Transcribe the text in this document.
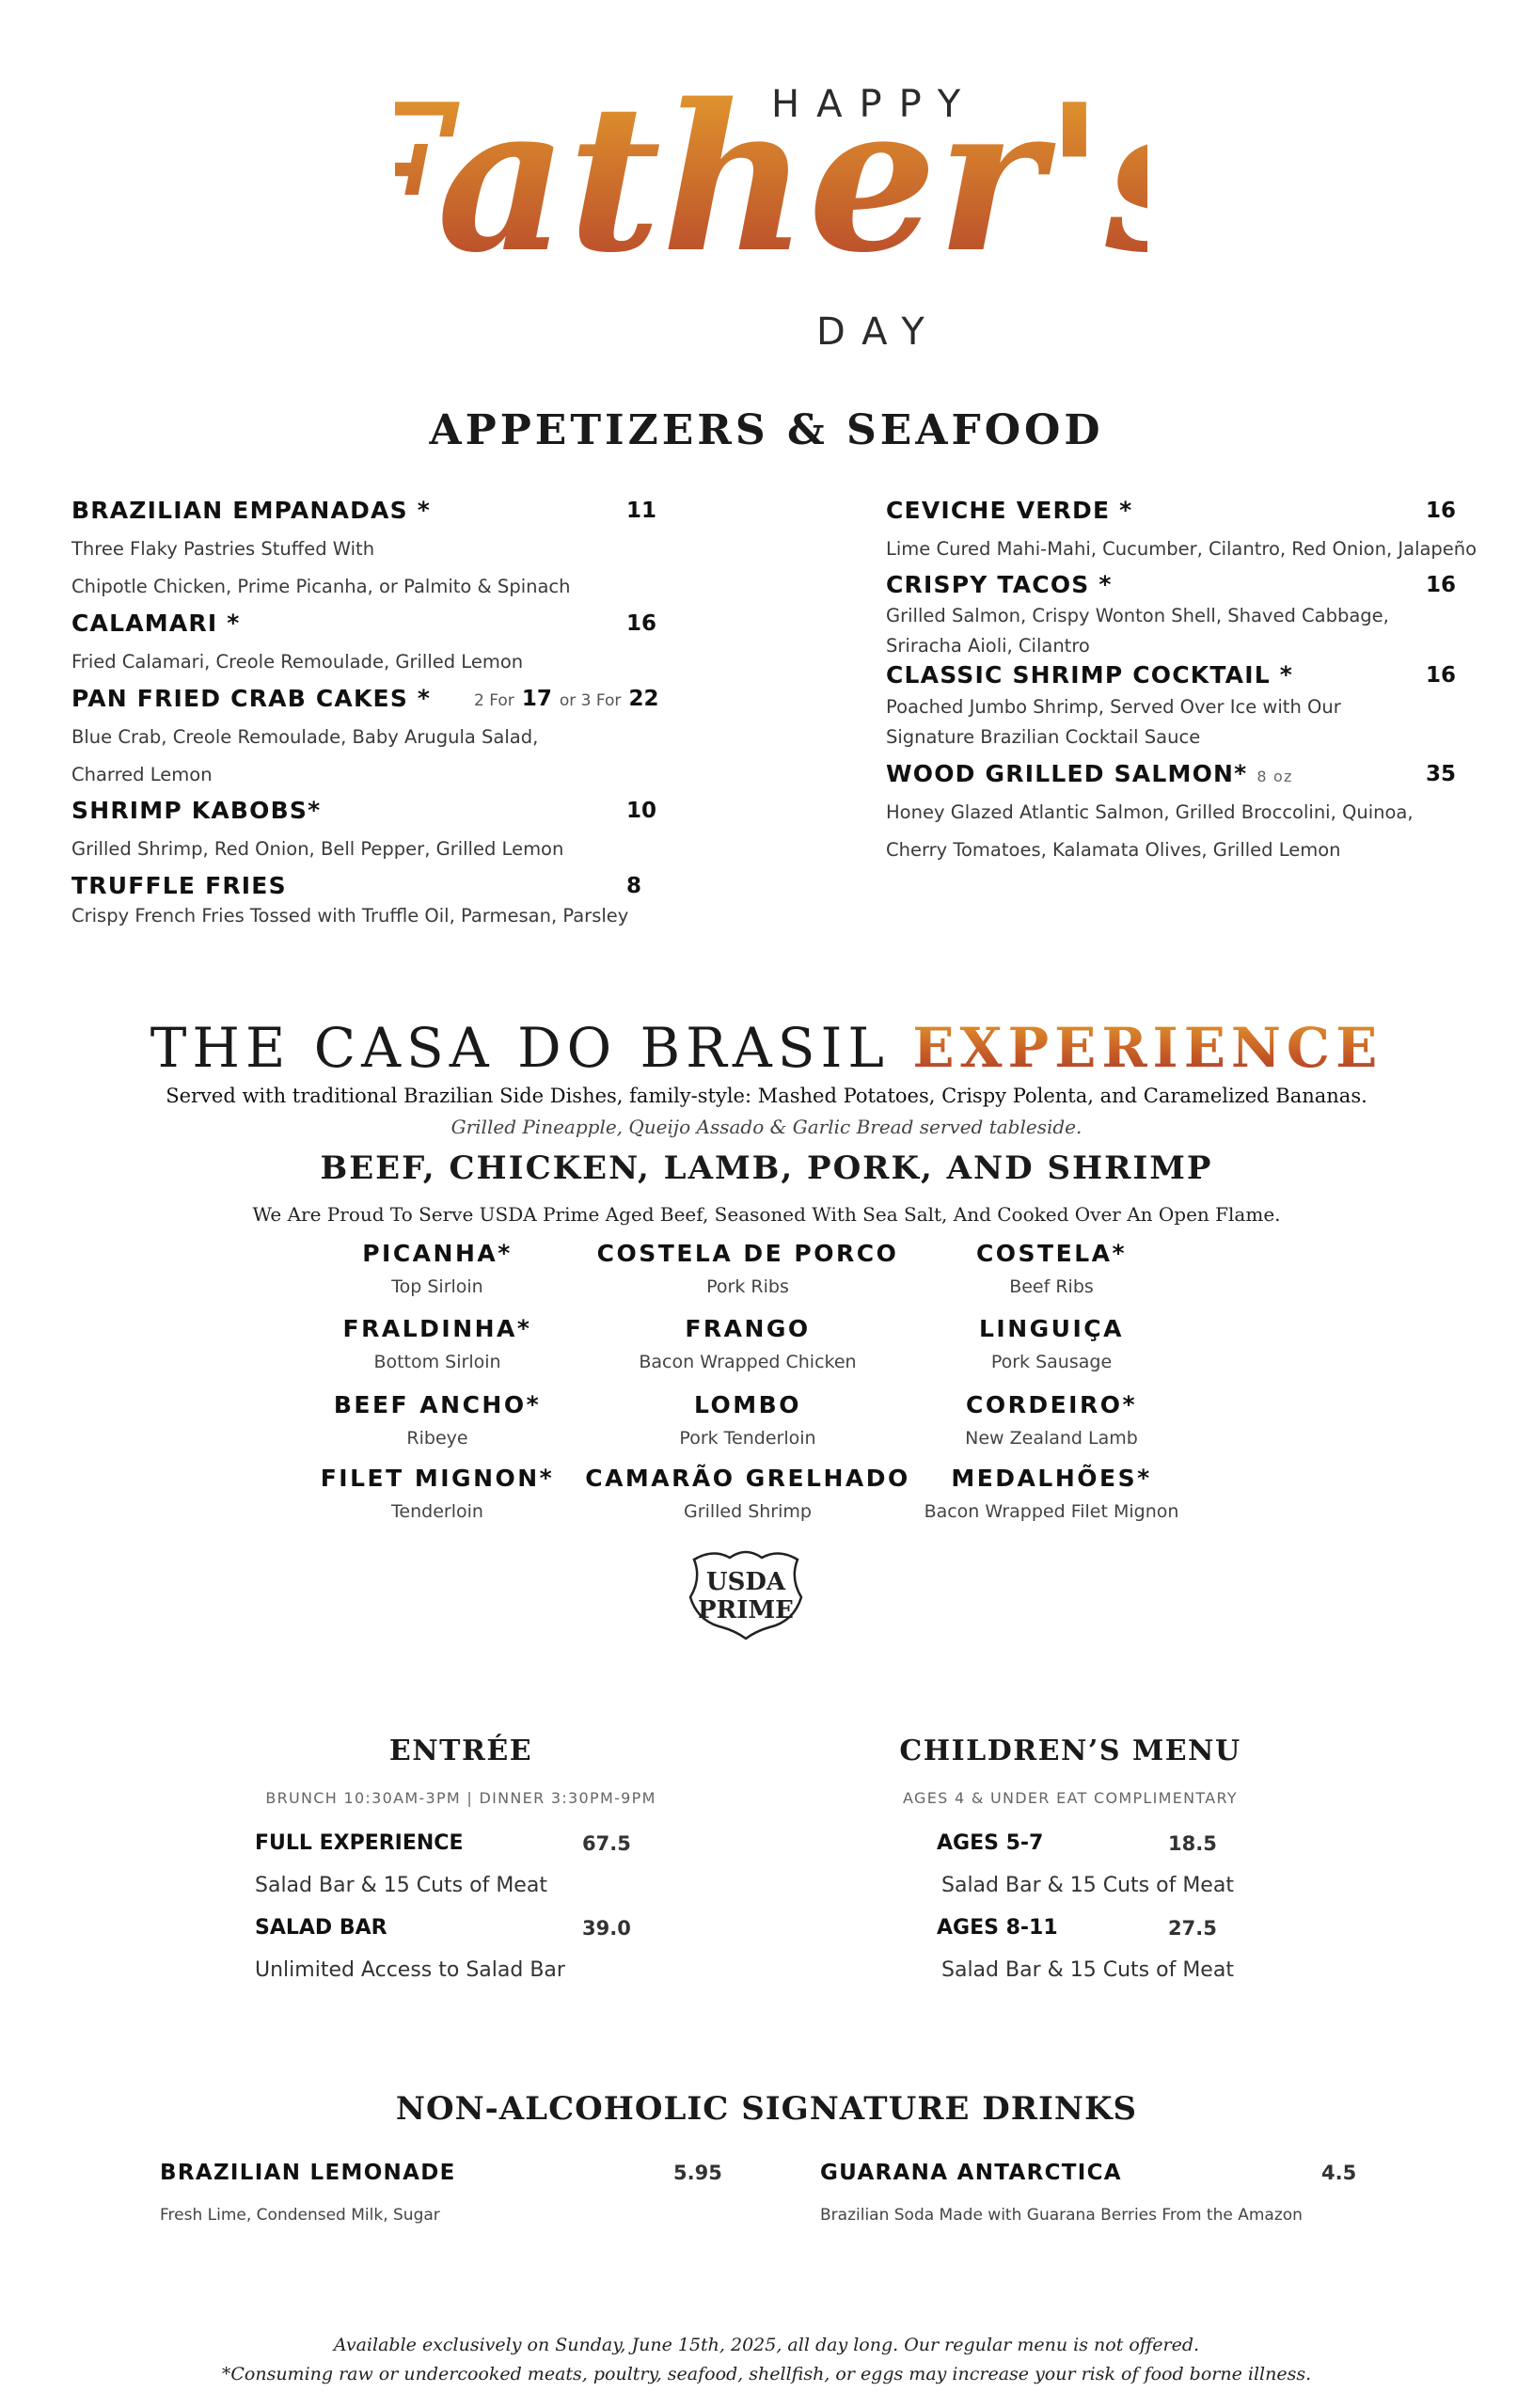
HAPPY
ather'
DAY
APPETIZERS & SEAFOOD
BRAZILIAN EMPANADAS *	11
Three Flaky Pastries Stuffed With
Chipotle Chicken, Prime Picanha, or Palmito & Spinach
CALAMARI *	16
Fried Calamari, Creole Remoulade, Grilled Lemon
PAN FRIED CRAB CAKES *	2 For 17 or 3 For 22
Blue Crab, Creole Remoulade, Baby Arugula Salad,
Charred Lemon
SHRIMP KABOBS*	10
Grilled Shrimp, Red Onion, Bell Pepper, Grilled Lemon
TRUFFLE FRIES	8
Crispy French Fries Tossed with Truffle Oil, Parmesan, Parsley
CEVICHE VERDE *	16
Lime Cured Mahi-Mahi, Cucumber, Cilantro, Red Onion, Jalapeño
CRISPY TACOS *	16
Grilled Salmon, Crispy Wonton Shell, Shaved Cabbage,
Sriracha Aioli, Cilantro
CLASSIC SHRIMP COCKTAIL *	16
Poached Jumbo Shrimp, Served Over Ice with Our
Signature Brazilian Cocktail Sauce
WOOD GRILLED SALMON* 8 oz	35
Honey Glazed Atlantic Salmon, Grilled Broccolini, Quinoa,
Cherry Tomatoes, Kalamata Olives, Grilled Lemon
THE CASA DO BRASIL EXPERIENCE
Served with traditional Brazilian Side Dishes, family-style: Mashed Potatoes, Crispy Polenta, and Caramelized Bananas.
Grilled Pineapple, Queijo Assado & Garlic Bread served tableside.
BEEF, CHICKEN, LAMB, PORK, AND SHRIMP
We Are Proud To Serve USDA Prime Aged Beef, Seasoned With Sea Salt, And Cooked Over An Open Flame.
PICANHA*
Top Sirloin
COSTELA DE PORCO
Pork Ribs
COSTELA*
Beef Ribs
FRALDINHA*
Bottom Sirloin
FRANGO
Bacon Wrapped Chicken
LINGUIÇA
Pork Sausage
BEEF ANCHO*
Ribeye
LOMBO
Pork Tenderloin
CORDEIRO*
New Zealand Lamb
FILET MIGNON*
Tenderloin
CAMARÃO GRELHADO
Grilled Shrimp
MEDALHÕES*
Bacon Wrapped Filet Mignon
USDA
PRIME
ENTRÉE
BRUNCH 10:30AM-3PM | DINNER 3:30PM-9PM
FULL EXPERIENCE	67.5
Salad Bar & 15 Cuts of Meat
SALAD BAR	39.0
Unlimited Access to Salad Bar
CHILDREN’S MENU
AGES 4 & UNDER EAT COMPLIMENTARY
AGES 5-7	18.5
Salad Bar & 15 Cuts of Meat
AGES 8-11	27.5
Salad Bar & 15 Cuts of Meat
NON-ALCOHOLIC SIGNATURE DRINKS
BRAZILIAN LEMONADE	5.95
Fresh Lime, Condensed Milk, Sugar
GUARANA ANTARCTICA	4.5
Brazilian Soda Made with Guarana Berries From the Amazon
Available exclusively on Sunday, June 15th, 2025, all day long. Our regular menu is not offered.
*Consuming raw or undercooked meats, poultry, seafood, shellfish, or eggs may increase your risk of food borne illness.
